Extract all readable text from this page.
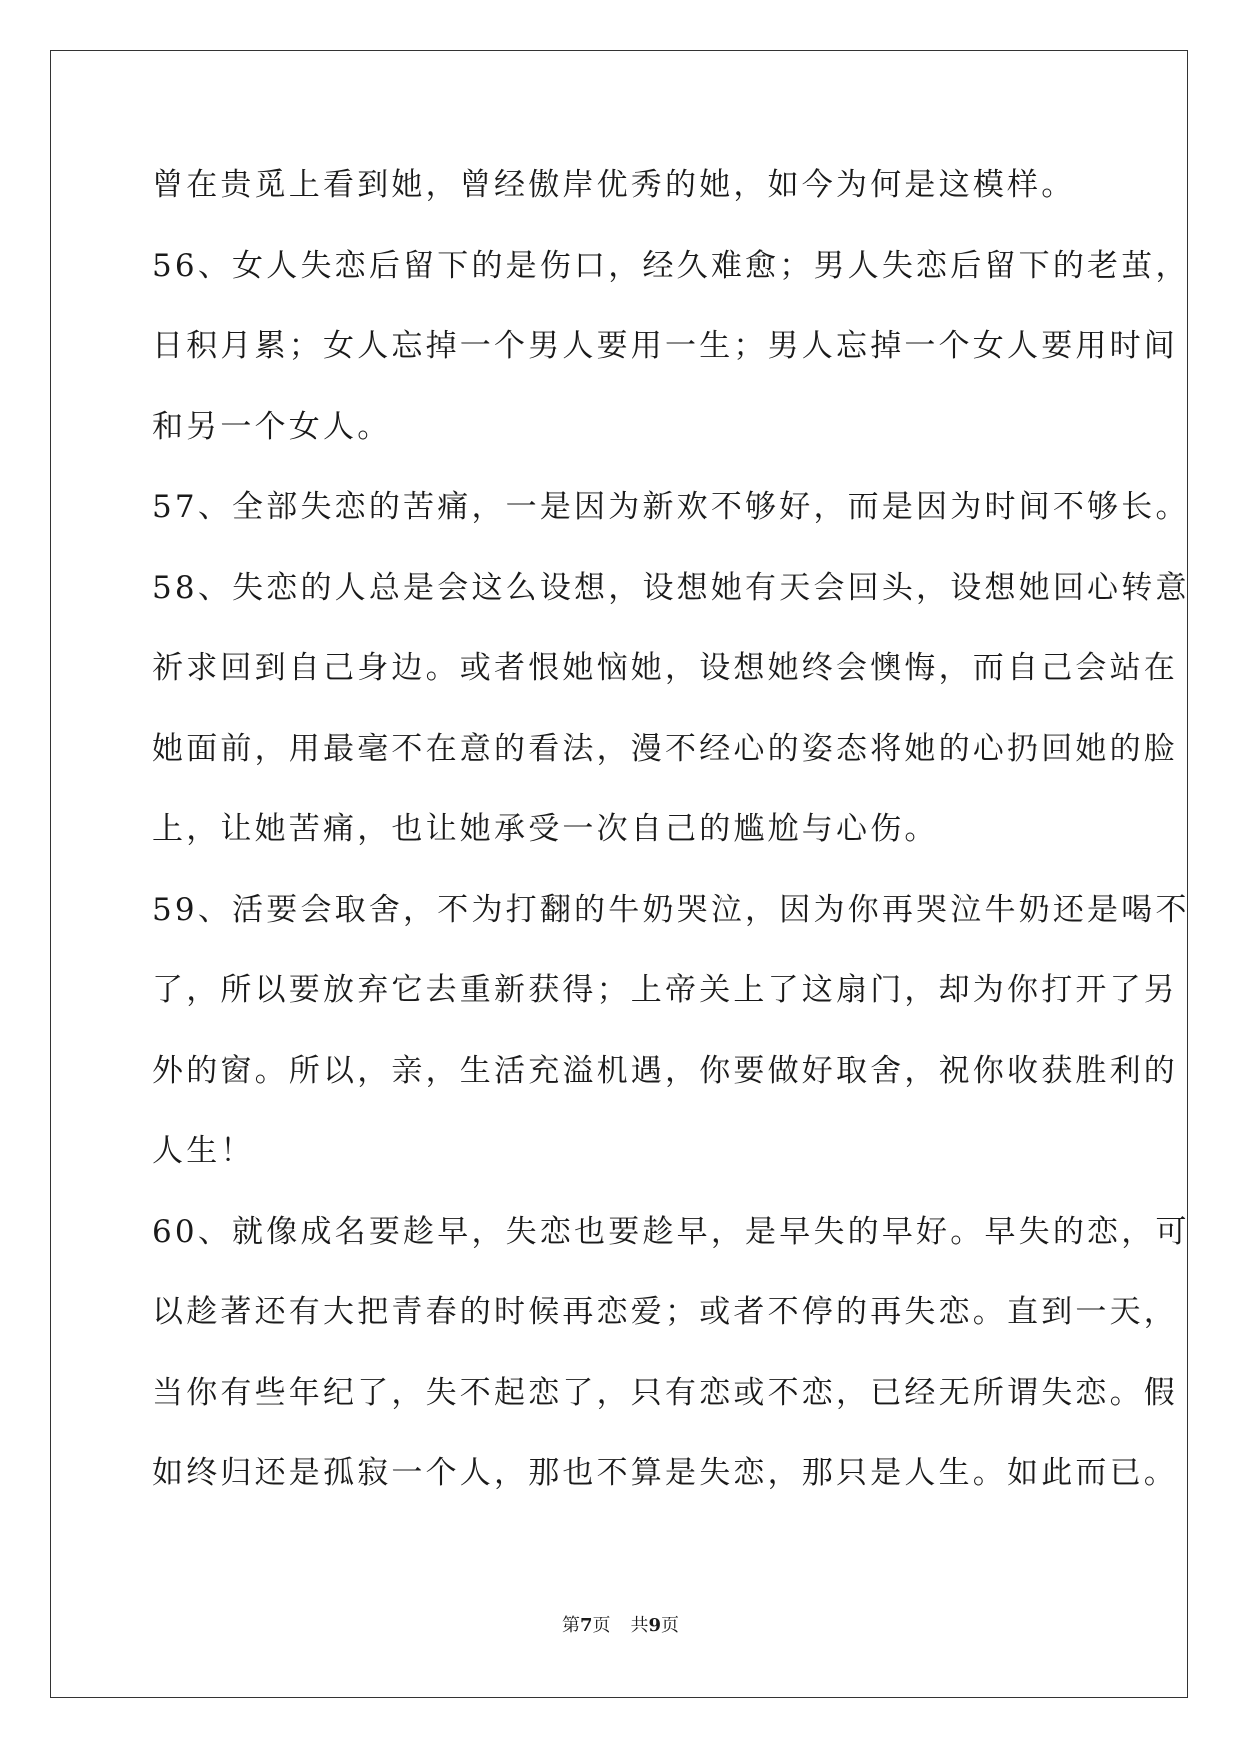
曾在贵觅上看到她，曾经傲岸优秀的她，如今为何是这模样。
56、女人失恋后留下的是伤口，经久难愈；男人失恋后留下的老茧，
日积月累；女人忘掉一个男人要用一生；男人忘掉一个女人要用时间
和另一个女人。
57、全部失恋的苦痛，一是因为新欢不够好，而是因为时间不够长。
58、失恋的人总是会这么设想，设想她有天会回头，设想她回心转意
祈求回到自己身边。或者恨她恼她，设想她终会懊悔，而自己会站在
她面前，用最毫不在意的看法，漫不经心的姿态将她的心扔回她的脸
上，让她苦痛，也让她承受一次自己的尴尬与心伤。
59、活要会取舍，不为打翻的牛奶哭泣，因为你再哭泣牛奶还是喝不
了，所以要放弃它去重新获得；上帝关上了这扇门，却为你打开了另
外的窗。所以，亲，生活充溢机遇，你要做好取舍，祝你收获胜利的
人生！
60、就像成名要趁早，失恋也要趁早，是早失的早好。早失的恋，可
以趁著还有大把青春的时候再恋爱；或者不停的再失恋。直到一天，
当你有些年纪了，失不起恋了，只有恋或不恋，已经无所谓失恋。假
如终归还是孤寂一个人，那也不算是失恋，那只是人生。如此而已。
第7页 共9页
